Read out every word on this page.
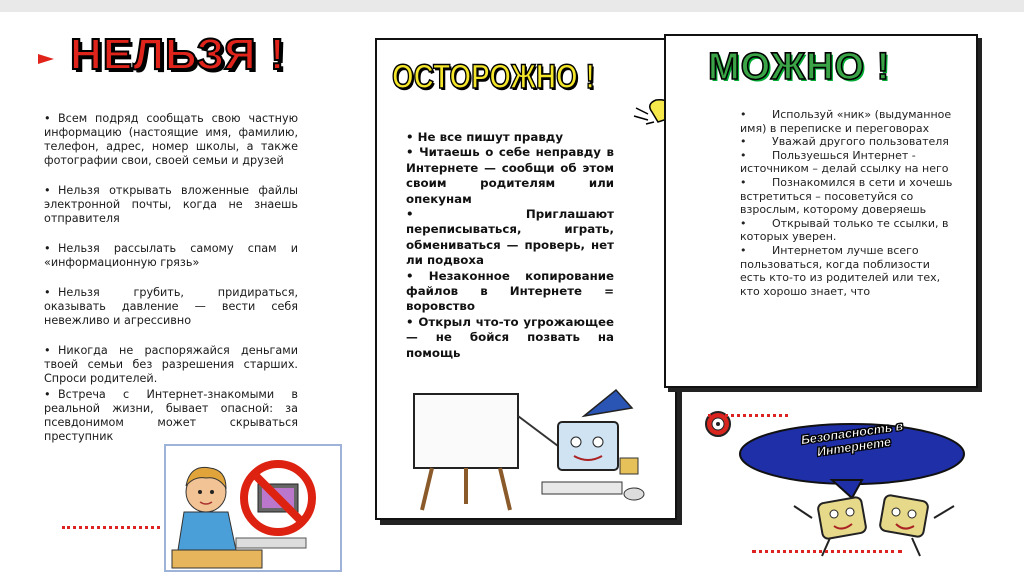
НЕЛЬЗЯ !
• Всем подряд сообщать свою частную информацию (настоящие имя, фамилию, телефон, адрес, номер школы, а также фотографии свои, своей семьи и друзей
• Нельзя открывать вложенные файлы электронной почты, когда не знаешь отправителя
• Нельзя рассылать самому спам и «информационную грязь»
• Нельзя грубить, придираться, оказывать давление — вести себя невежливо и агрессивно
• Никогда не распоряжайся деньгами твоей семьи без разрешения старших. Спроси родителей.
• Встреча с Интернет-знакомыми в реальной жизни, бывает опасной: за псевдонимом может скрываться преступник
ОСТОРОЖНО !
• Не все пишут правду
• Читаешь о себе неправду в Интернете — сообщи об этом своим родителям или опекунам
• Приглашают переписываться, играть, обмениваться — проверь, нет ли подвоха
• Незаконное копирование файлов в Интернете = воровство
• Открыл что-то угрожающее — не бойся позвать на помощь
МОЖНО !
• Используй «ник» (выдуманное имя) в переписке и переговорах
• Уважай другого пользователя
• Пользуешься Интернет - источником – делай ссылку на него
• Познакомился в сети и хочешь встретиться – посоветуйся со взрослым, которому доверяешь
• Открывай только те ссылки, в которых уверен.
• Интернетом лучше всего пользоваться, когда поблизости есть кто-то из родителей или тех, кто хорошо знает, что
Безопасность в Интернете
